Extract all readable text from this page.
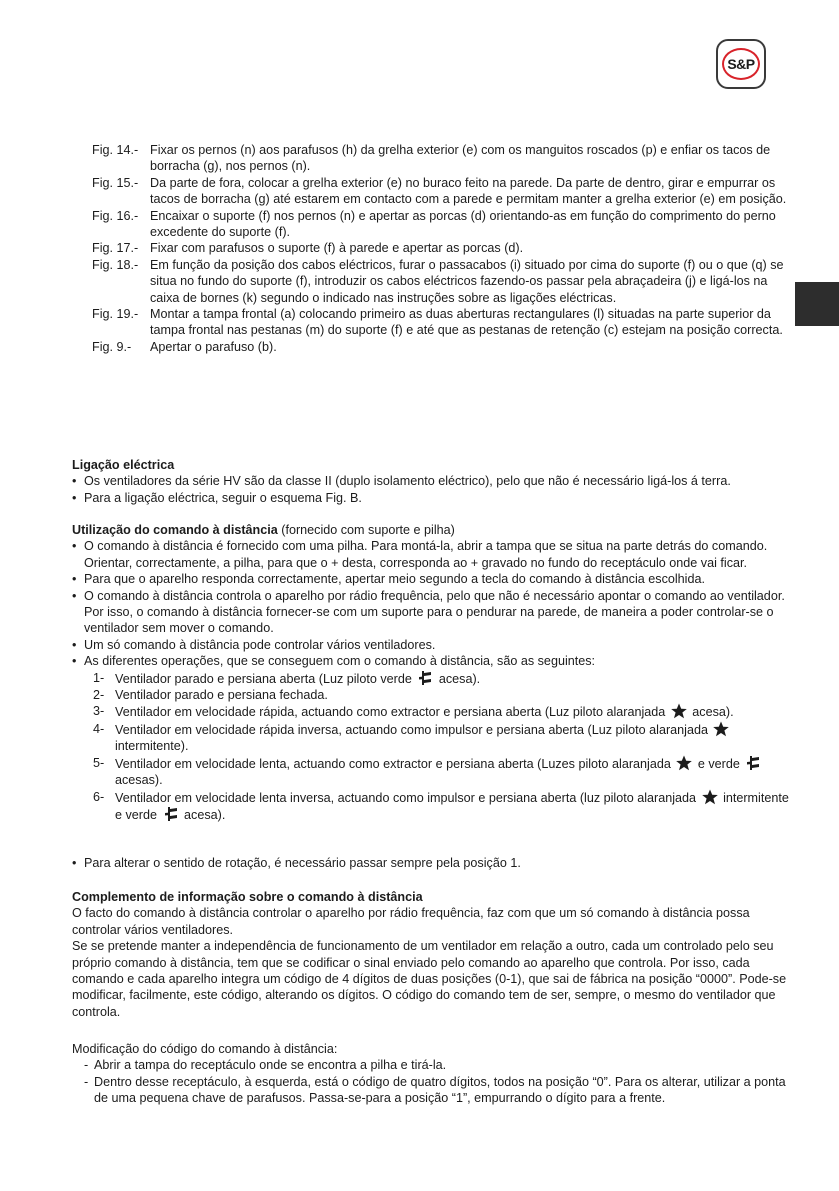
S&P
Fig. 14.- Fixar os pernos (n) aos parafusos (h) da grelha exterior (e) com os manguitos roscados (p) e enfiar os tacos de borracha (g), nos pernos (n).
Fig. 15.- Da parte de fora, colocar a grelha exterior (e) no buraco feito na parede. Da parte de dentro, girar e empurrar os tacos de borracha (g) até estarem em contacto com a parede e permitam manter a grelha exterior (e) em posição.
Fig. 16.- Encaixar o suporte (f) nos pernos (n) e apertar as porcas (d) orientando-as em função do comprimento do perno excedente do suporte (f).
Fig. 17.- Fixar com parafusos o suporte (f) à parede e apertar as porcas (d).
Fig. 18.- Em função da posição dos cabos eléctricos, furar o passacabos (i) situado por cima do suporte (f) ou o que (q) se situa no fundo do suporte (f), introduzir os cabos eléctricos fazendo-os passar pela abraçadeira (j) e ligá-los na caixa de bornes (k) segundo o indicado nas instruções sobre as ligações eléctricas.
Fig. 19.- Montar a tampa frontal (a) colocando primeiro as duas aberturas rectangulares (l) situadas na parte superior da tampa frontal nas pestanas (m) do suporte (f) e até que as pestanas de retenção (c) estejam na posição correcta.
Fig. 9.-	Apertar o parafuso (b).
Ligação eléctrica
• Os ventiladores da série HV são da classe II (duplo isolamento eléctrico), pelo que não é necessário ligá-los á terra.
• Para a ligação eléctrica, seguir o esquema Fig. B.
Utilização do comando à distância (fornecido com suporte e pilha)
• O comando à distância é fornecido com uma pilha. Para montá-la, abrir a tampa que se situa na parte detrás do comando. Orientar, correctamente, a pilha, para que o + desta, corresponda ao + gravado no fundo do receptáculo onde vai ficar.
• Para que o aparelho responda correctamente, apertar meio segundo a tecla do comando à distância escolhida.
• O comando à distância controla o aparelho por rádio frequência, pelo que não é necessário apontar o comando ao ventilador. Por isso, o comando à distância fornecer-se com um suporte para o pendurar na parede, de maneira a poder controlar-se o ventilador sem mover o comando.
• Um só comando à distância pode controlar vários ventiladores.
• As diferentes operações, que se conseguem com o comando à distância, são as seguintes:
1- Ventilador parado e persiana aberta (Luz piloto verde acesa).
2- Ventilador parado e persiana fechada.
3- Ventilador em velocidade rápida, actuando como extractor e persiana aberta (Luz piloto alaranjada acesa).
4- Ventilador em velocidade rápida inversa, actuando como impulsor e persiana aberta (Luz piloto alaranjada  intermitente).
5- Ventilador em velocidade lenta, actuando como extractor e persiana aberta (Luzes piloto alaranjada e verde  acesas).
6- Ventilador em velocidade lenta inversa, actuando como impulsor e persiana aberta (luz piloto alaranjada intermitente e verde acesa).
• Para alterar o sentido de rotação, é necessário passar sempre pela posição 1.
Complemento de informação sobre o comando à distância
O facto do comando à distância controlar o aparelho por rádio frequência, faz com que um só comando à distância possa controlar vários ventiladores.
Se se pretende manter a independência de funcionamento de um ventilador em relação a outro, cada um controlado pelo seu próprio comando à distância, tem que se codificar o sinal enviado pelo comando ao aparelho que controla. Por isso, cada comando e cada aparelho integra um código de 4 dígitos de duas posições (0-1), que sai de fábrica na posição “0000”. Pode-se modificar, facilmente, este código, alterando os dígitos. O código do comando tem de ser, sempre, o mesmo do ventilador que controla.
Modificação do código do comando à distância:
- Abrir a tampa do receptáculo onde se encontra a pilha e tirá-la.
- Dentro desse receptáculo, à esquerda, está o código de quatro dígitos, todos na posição “0”. Para os alterar, utilizar a ponta de uma pequena chave de parafusos. Passa-se-para a posição “1”, empurrando o dígito para a frente.
